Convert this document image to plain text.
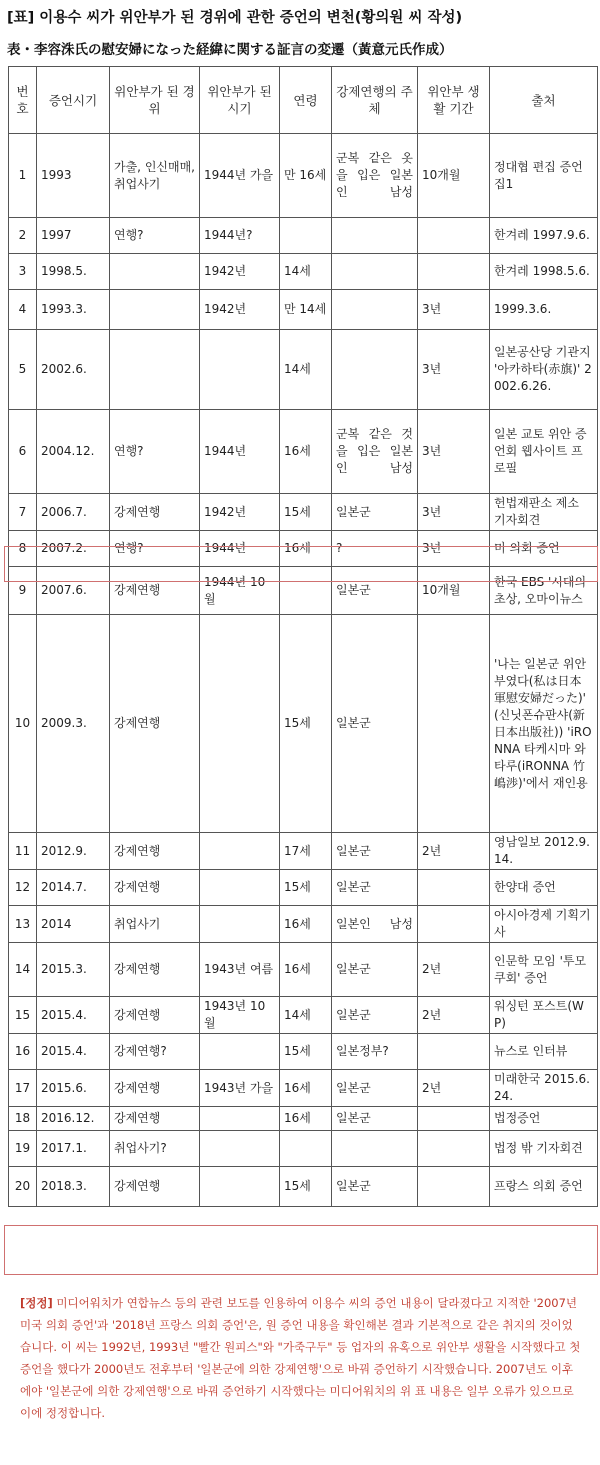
[표] 이용수 씨가 위안부가 된 경위에 관한 증언의 변천(황의원 씨 작성)
表・李容洙氏の慰安婦になった経緯に関する証言の変遷（黃意元氏作成）
번호	증언시기	위안부가 된 경위	위안부가 된 시기	연령	강제연행의 주체	위안부 생활 기간	출처
1	1993	가출, 인신매매, 취업사기	1944년 가을	만 16세	군복 같은 옷을 입은 일본인 남성	10개월	정대협 편집 증언집1
2	1997	연행?	1944년?				한겨레 1997.9.6.
3	1998.5.		1942년	14세			한겨레 1998.5.6.
4	1993.3.		1942년	만 14세		3년	1999.3.6.
5	2002.6.			14세		3년	일본공산당 기관지 '아카하타(赤旗)' 2002.6.26.
6	2004.12.	연행?	1944년	16세	군복 같은 것을 입은 일본인 남성	3년	일본 교토 위안 증언회 웹사이트 프로필
7	2006.7.	강제연행	1942년	15세	일본군	3년	헌법재판소 제소 기자회견
8	2007.2.	연행?	1944년	16세	?	3년	미 의회 증언
9	2007.6.	강제연행	1944년 10월		일본군	10개월	한국 EBS '시대의 초상, 오마이뉴스
10	2009.3.	강제연행		15세	일본군		'나는 일본군 위안부였다(私は日本軍慰安婦だった)' (신닛폰슈판샤(新日本出版社)) 'iRONNA 타케시마 와타루(iRONNA 竹嶋渉)'에서 재인용
11	2012.9.	강제연행		17세	일본군	2년	영남일보 2012.9.14.
12	2014.7.	강제연행		15세	일본군		한양대 증언
13	2014	취업사기		16세	일본인 남성		아시아경제 기획기사
14	2015.3.	강제연행	1943년 여름	16세	일본군	2년	인문학 모임 '투모쿠회' 증언
15	2015.4.	강제연행	1943년 10월	14세	일본군	2년	워싱턴 포스트(WP)
16	2015.4.	강제연행?		15세	일본정부?		뉴스로 인터뷰
17	2015.6.	강제연행	1943년 가을	16세	일본군	2년	미래한국 2015.6.24.
18	2016.12.	강제연행		16세	일본군		법정증언
19	2017.1.	취업사기?					법정 밖 기자회견
20	2018.3.	강제연행		15세	일본군		프랑스 의회 증언
[정정] 미디어워치가 연합뉴스 등의 관련 보도를 인용하여 이용수 씨의 증언 내용이 달라졌다고 지적한 '2007년 미국 의회 증언'과 '2018년 프랑스 의회 증언'은, 원 증언 내용을 확인해본 결과 기본적으로 같은 취지의 것이었습니다. 이 씨는 1992년, 1993년 "빨간 원피스"와 "가죽구두" 등 업자의 유혹으로 위안부 생활을 시작했다고 첫 증언을 했다가 2000년도 전후부터 '일본군에 의한 강제연행'으로 바꿔 증언하기 시작했습니다. 2007년도 이후에야 '일본군에 의한 강제연행'으로 바꿔 증언하기 시작했다는 미디어워치의 위 표 내용은 일부 오류가 있으므로 이에 정정합니다.
